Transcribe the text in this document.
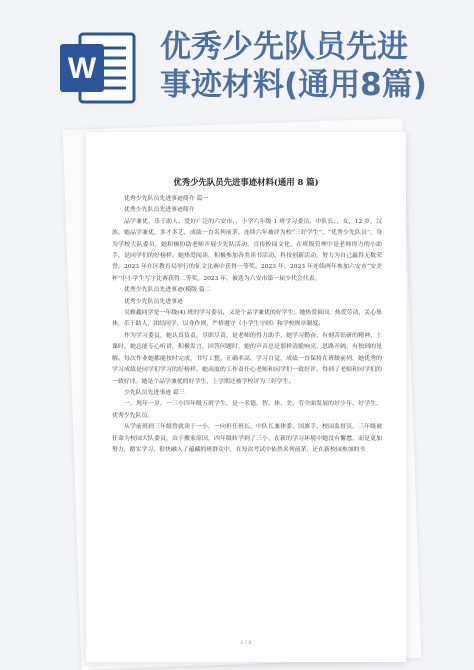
W
优秀少先队员先进
事迹材料(通用8篇)
优秀少先队员先进事迹材料(通用 8 篇)

优秀少先队员先进事迹简介 篇一

优秀少先队员先进事迹简介

品学兼优、乐于助人、爱好广泛的六安市、，小学六年级 1 班学习委员、中队长、，女，12 岁，汉族。她品学兼优，多才多艺，成绩一直名列前茅，连续六年被评为校“三好学生”、“优秀少先队员”，身为学校大队委员，她积极协助老师开展少先队活动，宣传校园文化，在班级管理中是老师得力的小助手，是同学们的好榜样。她热爱阅读，积极参加各类读书活动、科技创新活动，努力为自己赢得无数荣誉。2023 年在区教育局举行的征文比赛中获得一等奖。2023 年，2023 年连续两年参加六安市“安美杯”中小学生写字比赛获得二等奖。2023 年，被选为六安市第一届少代会代表。

优秀少先队员先进事迹(模版 篇二

优秀少先队员先进事迹

吴雅鑫同学是一年级(4) 班的学习委员，又是个品学兼优的好学生。她热爱祖国，热爱劳动，关心集体，乐于助人，团结同学，以身作则，严格遵守《小学生守则》和学校规章制度。

作为学习委员，她认真负责，尽职尽责，是老师的得力助手，她学习勤奋，有刻苦钻研的精神，上课时，她总能专心听讲，积极发言，回答问题时，她的声音总是那样清脆响亮，思路开阔，有独到的见解。每次作业她都能按时完成，书写工整，正确率高，学习自觉，成绩一直保持在班级前列，她优秀的学习成绩是同学们学习的好榜样，她高度的工作责任心老师和同学们一致好评，得到了老师和同学们的一致好评。她是个品学兼优的好学生，上学期还被学校评为三好学生。

少先队员先进事迹 篇三

一、现年一岁，一三小四年级五班学生，是一名德、智、体、美、劳全面发展的好少年、好学生、优秀少先队员。

从学前班到三年级曾就读于一小，一向担任班长、中队长兼体委、国旗手、校园监督员，三年级被任命为校园大队委员，由于搬家原因，四年级转学到了三小，在新的学习环境中她没有懈怠，而是更加努力，踏实学习，很快融入了蕴藏的班群众中，在每次考试中依然名列前茅，还在新校园参加的书

1 / 8
